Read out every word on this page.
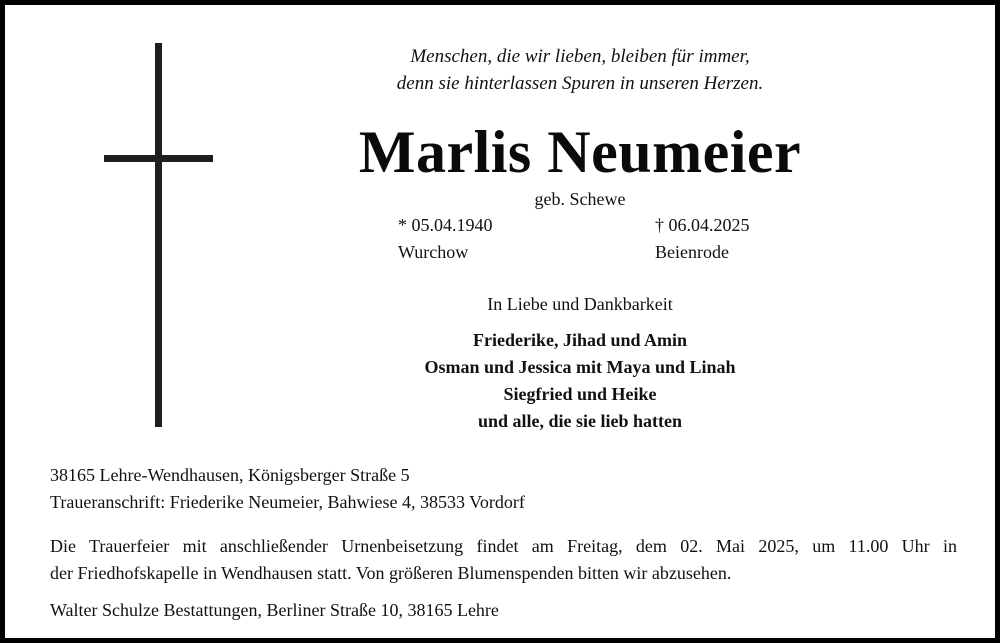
Menschen, die wir lieben, bleiben für immer,
denn sie hinterlassen Spuren in unseren Herzen.
Marlis Neumeier
geb. Schewe
* 05.04.1940
Wurchow
† 06.04.2025
Beienrode
In Liebe und Dankbarkeit
Friederike, Jihad und Amin
Osman und Jessica mit Maya und Linah
Siegfried und Heike
und alle, die sie lieb hatten
38165 Lehre-Wendhausen, Königsberger Straße 5
Traueranschrift: Friederike Neumeier, Bahwiese 4, 38533 Vordorf
Die Trauerfeier mit anschließender Urnenbeisetzung findet am Freitag, dem 02. Mai 2025, um 11.00 Uhr in
der Friedhofskapelle in Wendhausen statt. Von größeren Blumenspenden bitten wir abzusehen.
Walter Schulze Bestattungen, Berliner Straße 10, 38165 Lehre
